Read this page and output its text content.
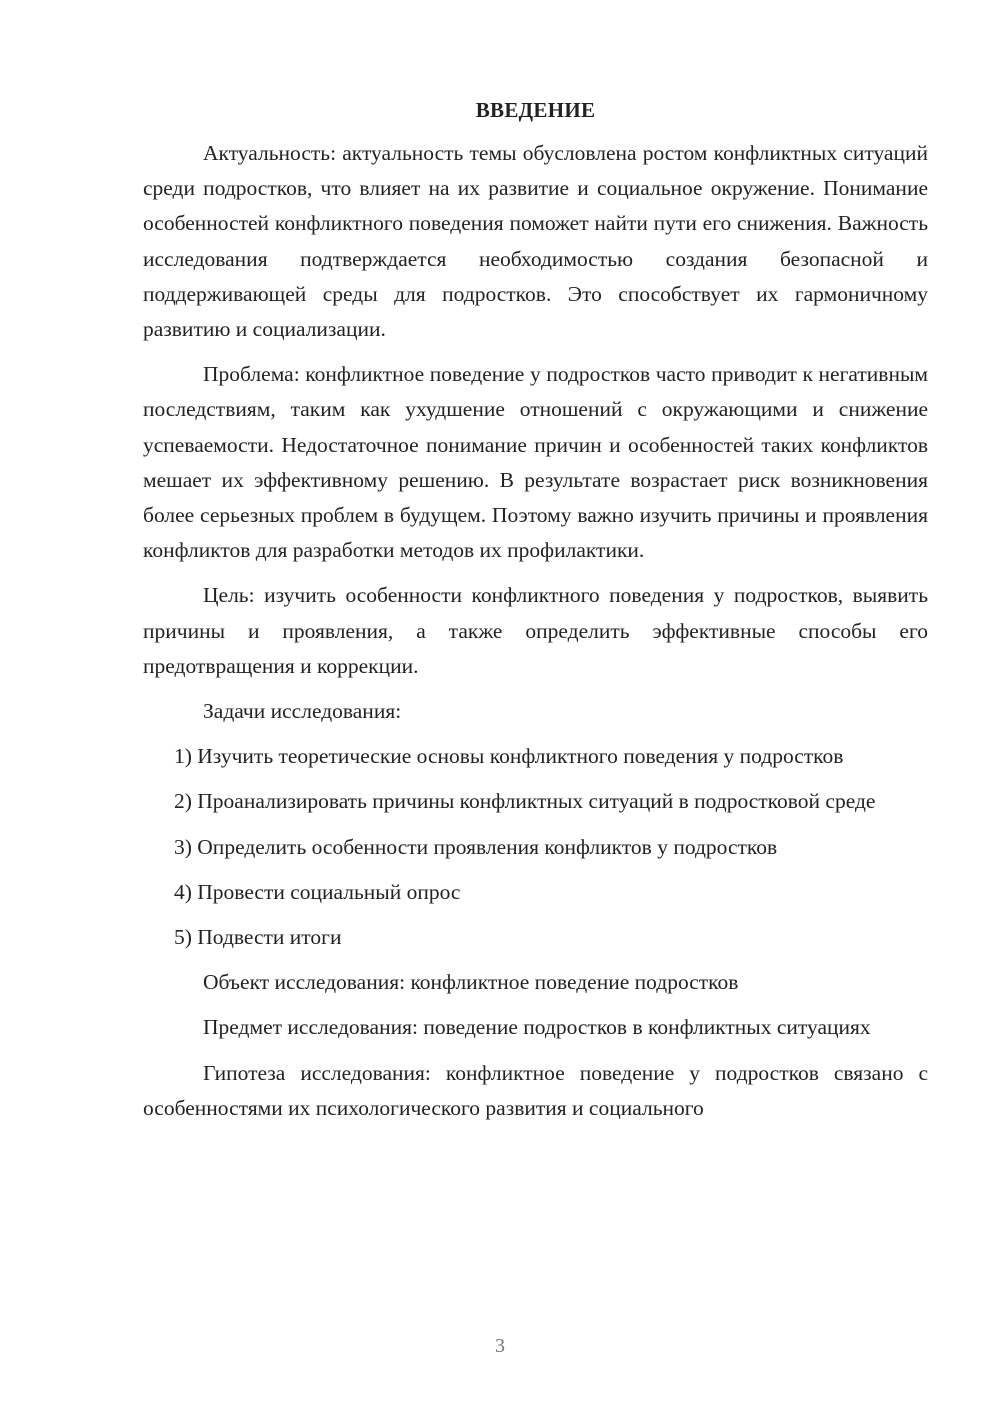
ВВЕДЕНИЕ

Актуальность: актуальность темы обусловлена ростом конфликтных ситуаций среди подростков, что влияет на их развитие и социальное окружение. Понимание особенностей конфликтного поведения поможет найти пути его снижения. Важность исследования подтверждается необходимостью создания безопасной и поддерживающей среды для подростков. Это способствует их гармоничному развитию и социализации.

Проблема: конфликтное поведение у подростков часто приводит к негативным последствиям, таким как ухудшение отношений с окружающими и снижение успеваемости. Недостаточное понимание причин и особенностей таких конфликтов мешает их эффективному решению. В результате возрастает риск возникновения более серьезных проблем в будущем. Поэтому важно изучить причины и проявления конфликтов для разработки методов их профилактики.

Цель: изучить особенности конфликтного поведения у подростков, выявить причины и проявления, а также определить эффективные способы его предотвращения и коррекции.

Задачи исследования:

1) Изучить теоретические основы конфликтного поведения у подростков

2) Проанализировать причины конфликтных ситуаций в подростковой среде

3) Определить особенности проявления конфликтов у подростков

4) Провести социальный опрос

5) Подвести итоги

Объект исследования: конфликтное поведение подростков

Предмет исследования: поведение подростков в конфликтных ситуациях

Гипотеза исследования: конфликтное поведение у подростков связано с особенностями их психологического развития и социального

3
